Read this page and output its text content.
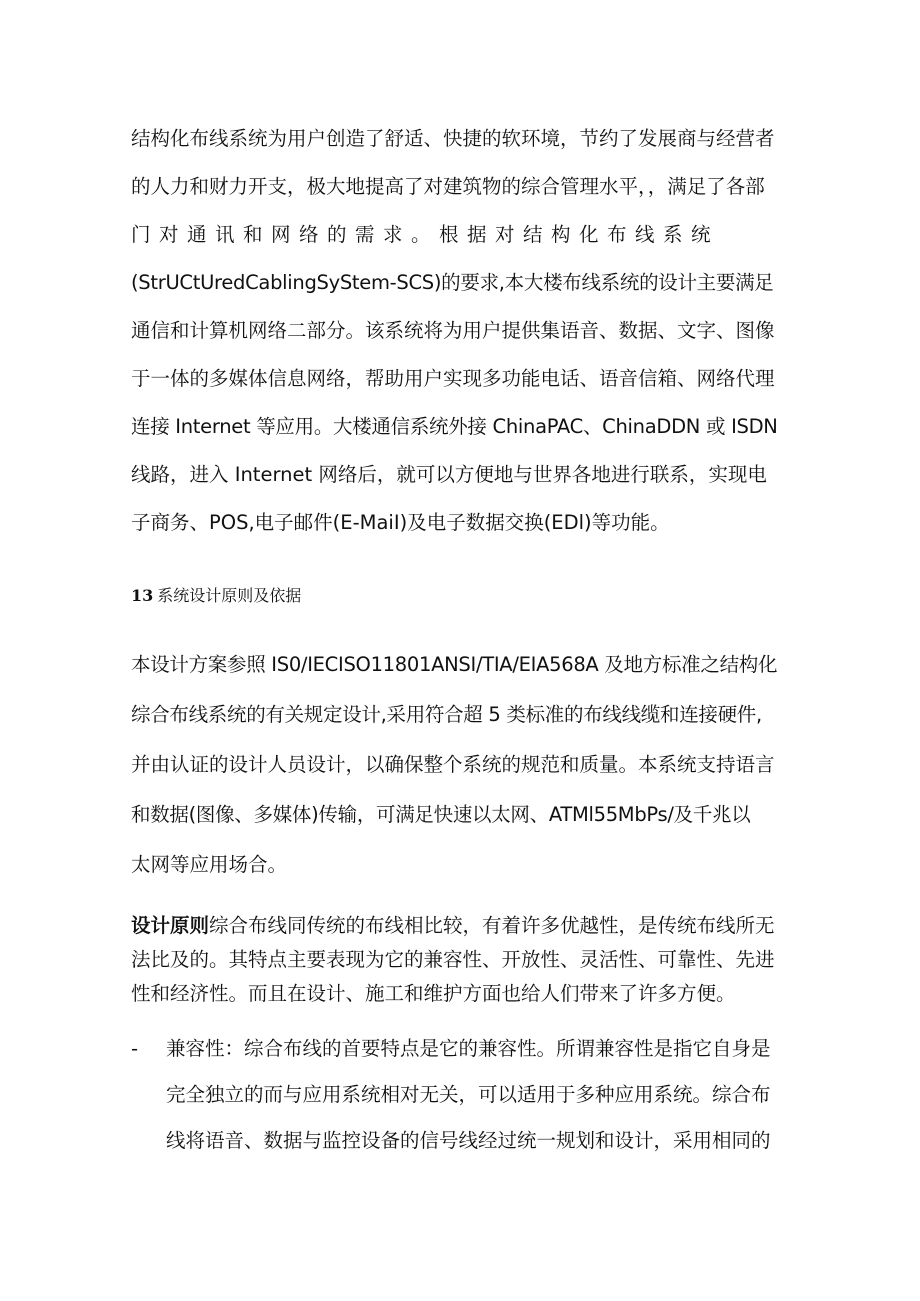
结构化布线系统为用户创造了舒适、快捷的软环境，节约了发展商与经营者
的人力和财力开支，极大地提高了对建筑物的综合管理水平，，满足了各部
门对通讯和网络的需求。根据对结构化布线系统
(StrUCtUredCablingSyStem-SCS)的要求,本大楼布线系统的设计主要满足
通信和计算机网络二部分。该系统将为用户提供集语音、数据、文字、图像
于一体的多媒体信息网络，帮助用户实现多功能电话、语音信箱、网络代理
连接 Internet 等应用。大楼通信系统外接 ChinaPAC、ChinaDDN 或 ISDN
线路，进入 Internet 网络后，就可以方便地与世界各地进行联系，实现电
子商务、POS,电子邮件(E-MaiI)及电子数据交换(EDl)等功能。

13 系统设计原则及依据

本设计方案参照 IS0∕IECISO11801ANSI/TIA/EIA568A 及地方标准之结构化
综合布线系统的有关规定设计,采用符合超 5 类标准的布线线缆和连接硬件,
并由认证的设计人员设计，以确保整个系统的规范和质量。本系统支持语言
和数据(图像、多媒体)传输，可满足快速以太网、ATMl55MbPs/及千兆以
太网等应用场合。

设计原则综合布线同传统的布线相比较，有着许多优越性，是传统布线所无
法比及的。其特点主要表现为它的兼容性、开放性、灵活性、可靠性、先进
性和经济性。而且在设计、施工和维护方面也给人们带来了许多方便。

- 兼容性：综合布线的首要特点是它的兼容性。所谓兼容性是指它自身是
完全独立的而与应用系统相对无关，可以适用于多种应用系统。综合布
线将语音、数据与监控设备的信号线经过统一规划和设计，采用相同的
